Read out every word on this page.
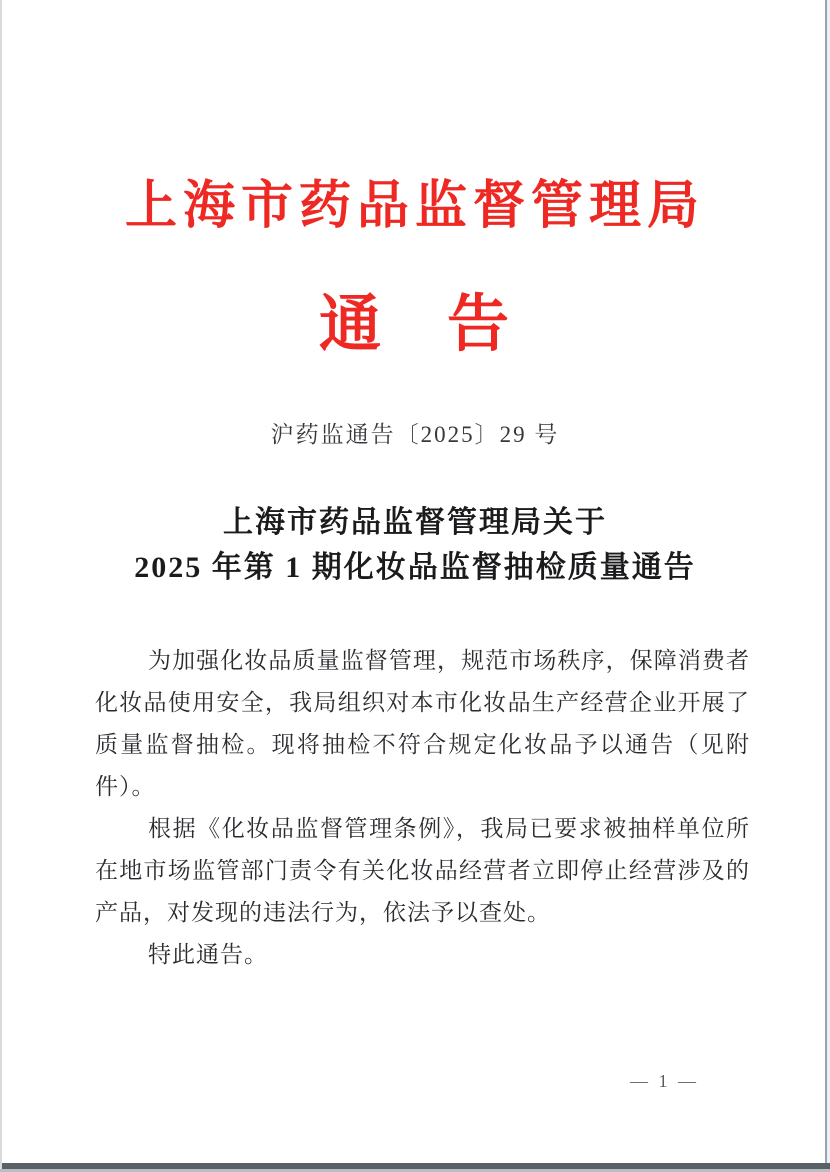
上海市药品监督管理局
通　告
沪药监通告〔2025〕29 号
上海市药品监督管理局关于
2025 年第 1 期化妆品监督抽检质量通告

为加强化妆品质量监督管理，规范市场秩序，保障消费者化妆品使用安全，我局组织对本市化妆品生产经营企业开展了质量监督抽检。现将抽检不符合规定化妆品予以通告（见附件）。

根据《化妆品监督管理条例》，我局已要求被抽样单位所在地市场监管部门责令有关化妆品经营者立即停止经营涉及的产品，对发现的违法行为，依法予以查处。

特此通告。

— 1 —
